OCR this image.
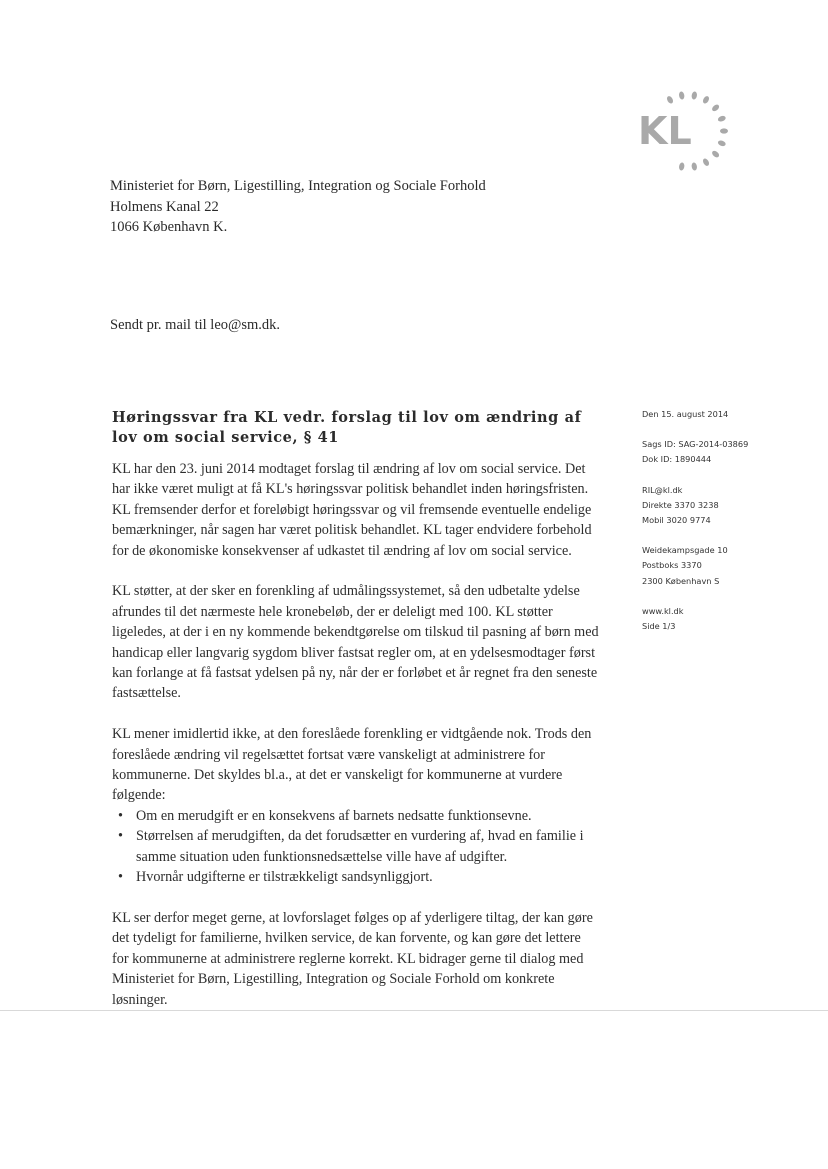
KL
Ministeriet for Børn, Ligestilling, Integration og Sociale Forhold
Holmens Kanal 22
1066 København K.
Sendt pr. mail til leo@sm.dk.
Høringssvar fra KL vedr. forslag til lov om ændring af lov om social service, § 41
Den 15. august 2014
Sags ID: SAG-2014-03869
Dok ID: 1890444
RIL@kl.dk
Direkte 3370 3238
Mobil 3020 9774
Weidekampsgade 10
Postboks 3370
2300 København S
www.kl.dk
Side 1/3

KL har den 23. juni 2014 modtaget forslag til ændring af lov om social service. Det har ikke været muligt at få KL's høringssvar politisk behandlet inden høringsfristen. KL fremsender derfor et foreløbigt høringssvar og vil fremsende eventuelle endelige bemærkninger, når sagen har været politisk behandlet. KL tager endvidere forbehold for de økonomiske konsekvenser af udkastet til ændring af lov om social service.

KL støtter, at der sker en forenkling af udmålingssystemet, så den udbetalte ydelse afrundes til det nærmeste hele kronebeløb, der er deleligt med 100. KL støtter ligeledes, at der i en ny kommende bekendtgørelse om tilskud til pasning af børn med handicap eller langvarig sygdom bliver fastsat regler om, at en ydelsesmodtager først kan forlange at få fastsat ydelsen på ny, når der er forløbet et år regnet fra den seneste fastsættelse.

KL mener imidlertid ikke, at den foreslåede forenkling er vidtgående nok. Trods den foreslåede ændring vil regelsættet fortsat være vanskeligt at administrere for kommunerne. Det skyldes bl.a., at det er vanskeligt for kommunerne at vurdere følgende:

• Om en merudgift er en konsekvens af barnets nedsatte funktionsevne.
• Størrelsen af merudgiften, da det forudsætter en vurdering af, hvad en familie i samme situation uden funktionsnedsættelse ville have af udgifter.
• Hvornår udgifterne er tilstrækkeligt sandsynliggjort.

KL ser derfor meget gerne, at lovforslaget følges op af yderligere tiltag, der kan gøre det tydeligt for familierne, hvilken service, de kan forvente, og kan gøre det lettere for kommunerne at administrere reglerne korrekt. KL bidrager gerne til dialog med Ministeriet for Børn, Ligestilling, Integration og Sociale Forhold om konkrete løsninger.
